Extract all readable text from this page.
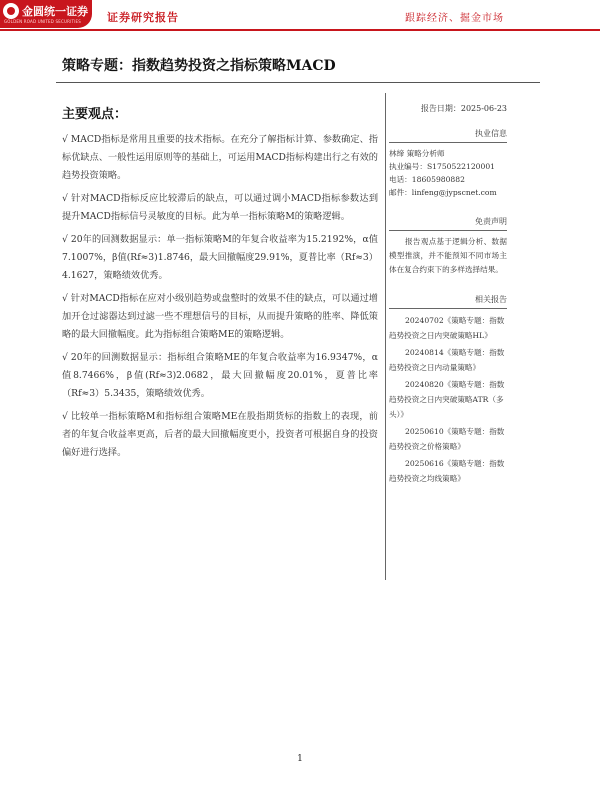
金圆统一证券
GOLDEN ROAD UNITED SECURITIES 证券研究报告	跟踪经济、掘金市场
策略专题：指数趋势投资之指标策略MACD
主要观点：

√ MACD指标是常用且重要的技术指标。在充分了解指标计算、参数确定、指标优缺点、一般性运用原则等的基础上，可运用MACD指标构建出行之有效的趋势投资策略。

√ 针对MACD指标反应比较滞后的缺点，可以通过调小MACD指标参数达到提升MACD指标信号灵敏度的目标。此为单一指标策略M的策略逻辑。

√ 20年的回测数据显示：单一指标策略M的年复合收益率为15.2192%，α值7.1007%，β值(Rf≈3)1.8746，最大回撤幅度29.91%，夏普比率（Rf≈3）4.1627，策略绩效优秀。

√ 针对MACD指标在应对小级别趋势或盘整时的效果不佳的缺点，可以通过增加开仓过滤器达到过滤一些不理想信号的目标，从而提升策略的胜率、降低策略的最大回撤幅度。此为指标组合策略ME的策略逻辑。

√ 20年的回测数据显示：指标组合策略ME的年复合收益率为16.9347%，α值8.7466%，β值(Rf≈3)2.0682，最大回撤幅度20.01%，夏普比率（Rf≈3）5.3435，策略绩效优秀。

√ 比较单一指标策略M和指标组合策略ME在股指期货标的指数上的表现，前者的年复合收益率更高，后者的最大回撤幅度更小，投资者可根据自身的投资偏好进行选择。

报告日期：2025-06-23
执业信息
林缔 策略分析师
执业编号：S1750522120001
电话：18605980882
邮件：linfeng@jypscnet.com
免责声明
报告观点基于逻辑分析、数据模型推演，并不能预知不同市场主体在复合约束下的多样选择结果。
相关报告
20240702《策略专题：指数趋势投资之日内突破策略HL》
20240814《策略专题：指数趋势投资之日内动量策略》
20240820《策略专题：指数趋势投资之日内突破策略ATR（多头）》
20250610《策略专题：指数趋势投资之价格策略》
20250616《策略专题：指数趋势投资之均线策略》
1
